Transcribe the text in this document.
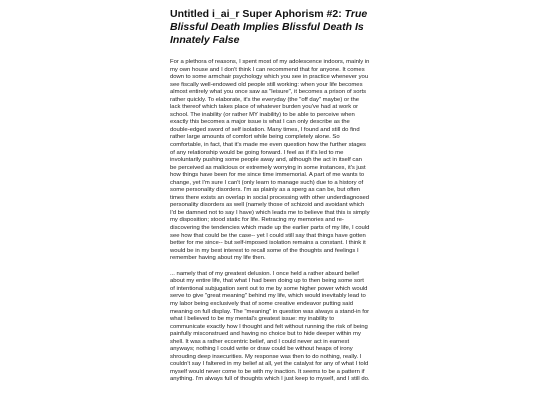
Untitled i_ai_r Super Aphorism #2: True Blissful Death Implies Blissful Death Is Innately False

For a plethora of reasons, I spent most of my adolescence indoors, mainly in my own house and I don't think I can recommend that for anyone. It comes down to some armchair psychology which you see in practice whenever you see fiscally well-endowed old people still working: when your life becomes almost entirely what you once saw as "leisure", it becomes a prison of sorts rather quickly. To elaborate, it's the everyday (the "off day" maybe) or the lack thereof which takes place of whatever burden you've had at work or school. The inability (or rather MY inability) to be able to perceive when exactly this becomes a major issue is what I can only describe as the double-edged sword of self isolation. Many times, I found and still do find rather large amounts of comfort while being completely alone. So comfortable, in fact, that it's made me even question how the further stages of any relationship would be going forward. I feel as if it's led to me involuntarily pushing some people away and, although the act in itself can be perceived as malicious or extremely worrying in some instances, it's just how things have been for me since time immemorial. A part of me wants to change, yet I'm sure I can't (only learn to manage such) due to a history of some personality disorders. I'm as plainly as a sperg as can be, but often times there exists an overlap in social processing with other underdiagnosed personality disorders as well (namely those of schizoid and avoidant which I'd be damned not to say I have) which leads me to believe that this is simply my disposition; stood static for life. Retracing my memories and re-discovering the tendencies which made up the earlier parts of my life, I could see how that could be the case-- yet I could still say that things have gotten better for me since-- but self-imposed isolation remains a constant. I think it would be in my best interest to recall some of the thoughts and feelings I remember having about my life then.

... namely that of my greatest delusion. I once held a rather absurd belief about my entire life, that what I had been doing up to then being some sort of intentional subjugation sent out to me by some higher power which would serve to give "great meaning" behind my life, which would inevitably lead to my labor being exclusively that of some creative endeavor putting said meaning on full display. The "meaning" in question was always a stand-in for what I believed to be my mental's greatest issue: my inability to communicate exactly how I thought and felt without running the risk of being painfully misconstrued and having no choice but to hide deeper within my shell. It was a rather eccentric belief, and I could never act in earnest anyways; nothing I could write or draw could be without heaps of irony shrouding deep insecurities. My response was then to do nothing, really. I couldn't say I faltered in my belief at all, yet the catalyst for any of what I told myself would never come to be with my inaction. It seems to be a pattern if anything. I'm always full of thoughts which I just keep to myself, and I still do.
